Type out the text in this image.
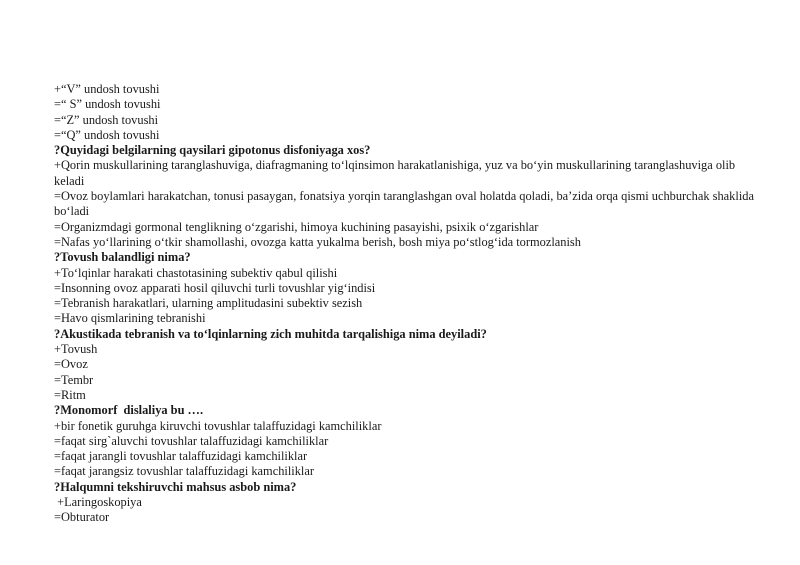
+“V” undosh tovushi
=“ S” undosh tovushi
=“Z” undosh tovushi
=“Q” undosh tovushi
?Quyidagi belgilarning qaysilari gipotonus disfoniyaga xos?
+Qorin muskullarining taranglashuviga, diafragmaning to‘lqinsimon harakatlanishiga, yuz va bo‘yin muskullarining taranglashuviga olib keladi
=Ovoz boylamlari harakatchan, tonusi pasaygan, fonatsiya yorqin taranglashgan oval holatda qoladi, ba’zida orqa qismi uchburchak shaklida bo‘ladi
=Organizmdagi gormonal tenglikning o‘zgarishi, himoya kuchining pasayishi, psixik o‘zgarishlar
=Nafas yo‘llarining o‘tkir shamollashi, ovozga katta yukalma berish, bosh miya po‘stlog‘ida tormozlanish
?Tovush balandligi nima?
+To‘lqinlar harakati chastotasining subektiv qabul qilishi
=Insonning ovoz apparati hosil qiluvchi turli tovushlar yig‘indisi
=Tebranish harakatlari, ularning amplitudasini subektiv sezish
=Havo qismlarining tebranishi
?Akustikada tebranish va to‘lqinlarning zich muhitda tarqalishiga nima deyiladi?
+Tovush
=Ovoz
=Tembr
=Ritm
?Monomorf  dislaliya bu ….
+bir fonetik guruhga kiruvchi tovushlar talaffuzidagi kamchiliklar
=faqat sirg`aluvchi tovushlar talaffuzidagi kamchiliklar
=faqat jarangli tovushlar talaffuzidagi kamchiliklar
=faqat jarangsiz tovushlar talaffuzidagi kamchiliklar
?Halqumni tekshiruvchi mahsus asbob nima?
+Laringoskopiya
=Obturator
